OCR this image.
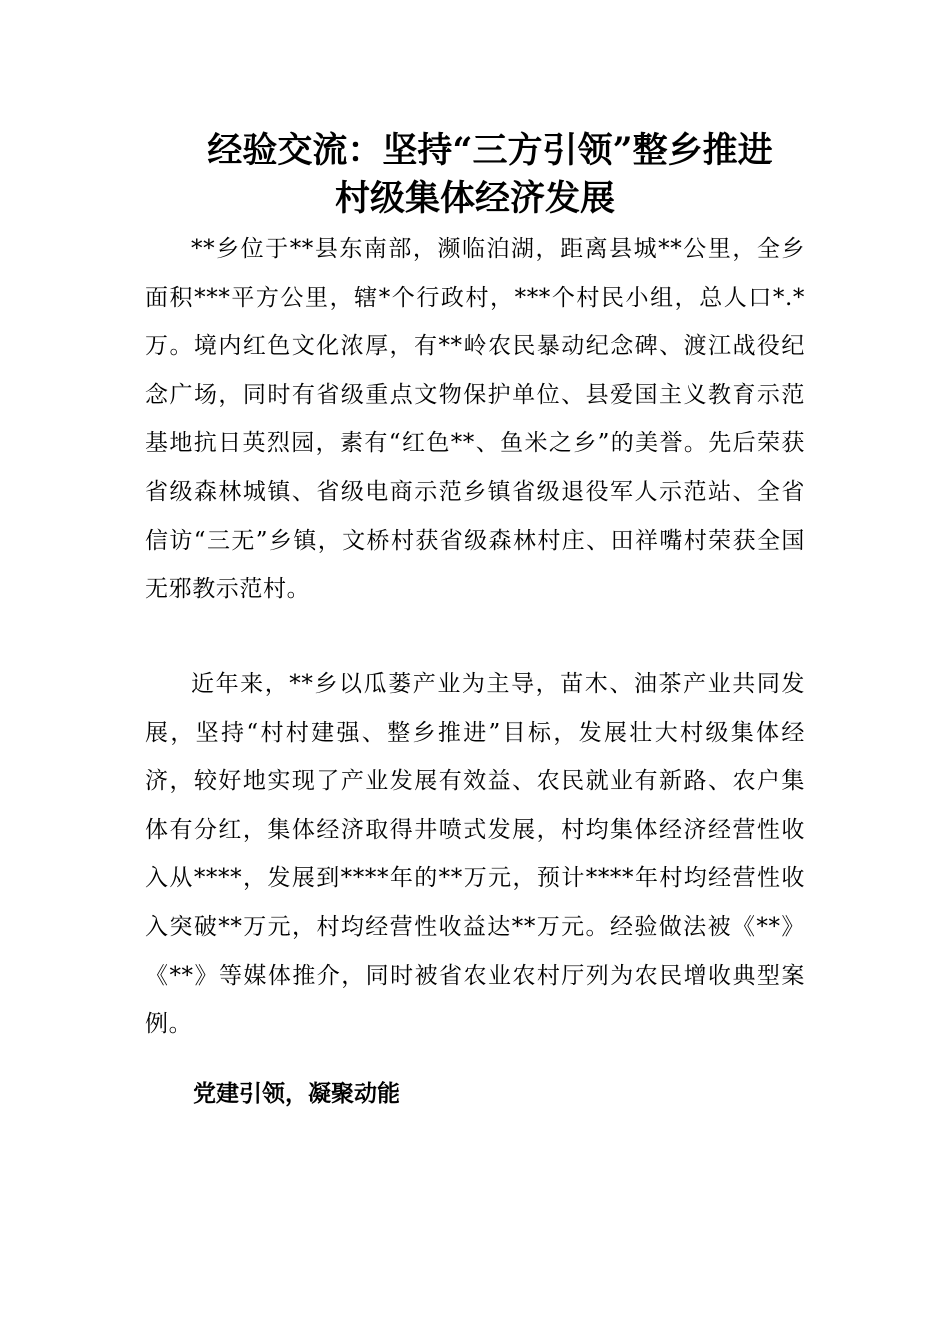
经验交流：坚持“三方引领”整乡推进
村级集体经济发展

**乡位于**县东南部，濒临泊湖，距离县城**公里，全乡面积***平方公里，辖*个行政村，***个村民小组，总人口*.*万。境内红色文化浓厚，有**岭农民暴动纪念碑、渡江战役纪念广场，同时有省级重点文物保护单位、县爱国主义教育示范基地抗日英烈园，素有“红色**、鱼米之乡”的美誉。先后荣获省级森林城镇、省级电商示范乡镇省级退役军人示范站、全省信访“三无”乡镇，文桥村获省级森林村庄、田祥嘴村荣获全国无邪教示范村。

近年来，**乡以瓜蒌产业为主导，苗木、油茶产业共同发展，坚持“村村建强、整乡推进”目标，发展壮大村级集体经济，较好地实现了产业发展有效益、农民就业有新路、农户集体有分红，集体经济取得井喷式发展，村均集体经济经营性收入从****，发展到****年的**万元，预计****年村均经营性收入突破**万元，村均经营性收益达**万元。经验做法被《**》《**》等媒体推介，同时被省农业农村厅列为农民增收典型案例。

党建引领，凝聚动能
